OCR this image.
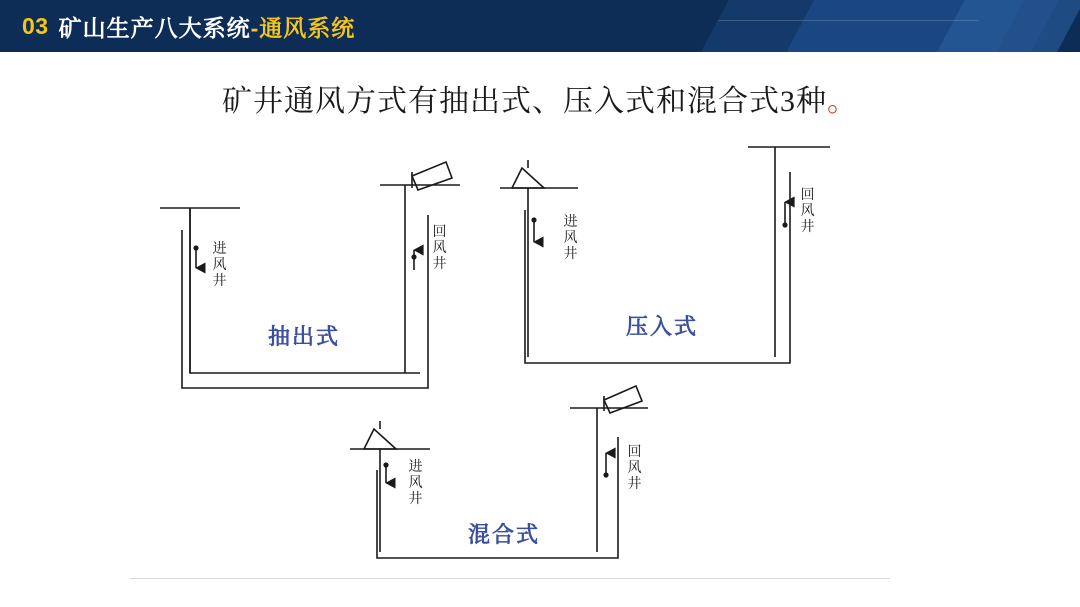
03 矿山生产八大系统 -通风系统
矿井通风方式有抽出式、压入式和混合式3种。
进风井
回风井
抽出式
进风井
回风井
压入式
进风井
回风井
混合式
